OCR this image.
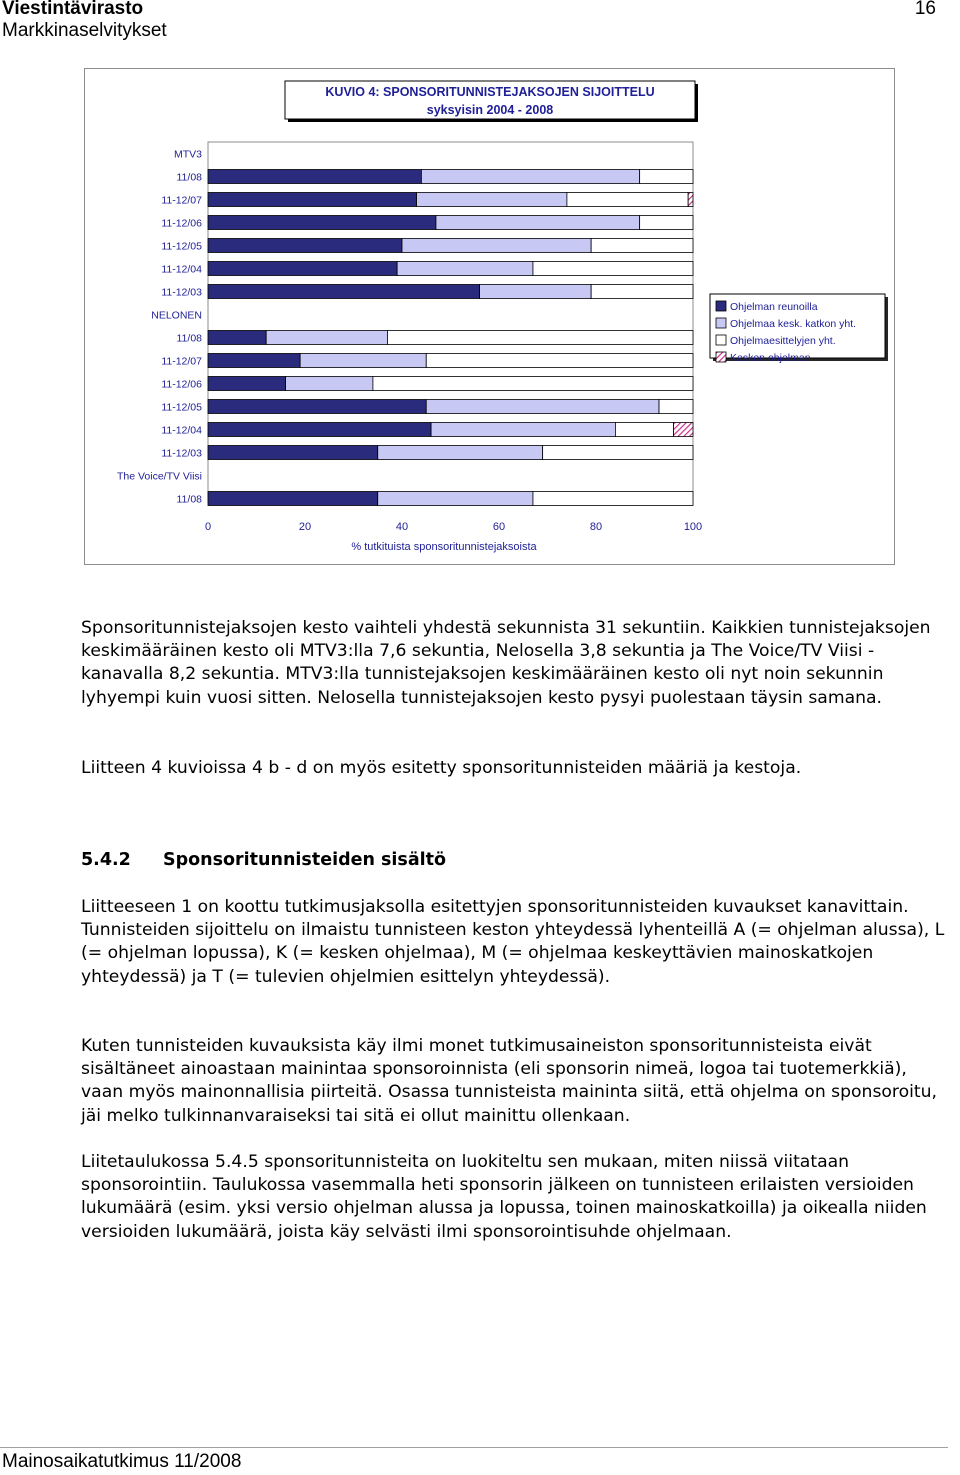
Viestintävirasto
Markkinaselvitykset
16
KUVIO 4: SPONSORITUNNISTEJAKSOJEN SIJOITTELU
syksyisin 2004 - 2008
MTV3
11/08
11-12/07
11-12/06
11-12/05
11-12/04
11-12/03
NELONEN
11/08
11-12/07
11-12/06
11-12/05
11-12/04
11-12/03
The Voice/TV Viisi
11/08
0	20	40	60	80	100
% tutkituista sponsoritunnistejaksoista
Ohjelman reunoilla
Ohjelmaa kesk. katkon yht.
Ohjelmaesittelyjen yht.
Kesken ohjelman
Sponsoritunnistejaksojen kesto vaihteli yhdestä sekunnista 31 sekuntiin. Kaikkien tunnistejaksojen keskimääräinen kesto oli MTV3:lla 7,6 sekuntia, Nelosella 3,8 sekuntia ja The Voice/TV Viisi -kanavalla 8,2 sekuntia. MTV3:lla tunnistejaksojen keskimääräinen kesto oli nyt noin sekunnin lyhyempi kuin vuosi sitten. Nelosella tunnistejaksojen kesto pysyi puolestaan täysin samana.
Liitteen 4 kuvioissa 4 b - d on myös esitetty sponsoritunnisteiden määriä ja kestoja.
5.4.2 Sponsoritunnisteiden sisältö
Liitteeseen 1 on koottu tutkimusjaksolla esitettyjen sponsoritunnisteiden kuvaukset kanavittain. Tunnisteiden sijoittelu on ilmaistu tunnisteen keston yhteydessä lyhenteillä A (= ohjelman alussa), L (= ohjelman lopussa), K (= kesken ohjelmaa), M (= ohjelmaa keskeyttävien mainoskatkojen yhteydessä) ja T (= tulevien ohjelmien esittelyn yhteydessä).
Kuten tunnisteiden kuvauksista käy ilmi monet tutkimusaineiston sponsoritunnisteista eivät sisältäneet ainoastaan mainintaa sponsoroinnista (eli sponsorin nimeä, logoa tai tuotemerkkiä), vaan myös mainonnallisia piirteitä. Osassa tunnisteista maininta siitä, että ohjelma on sponsoroitu, jäi melko tulkinnanvaraiseksi tai sitä ei ollut mainittu ollenkaan.
Liitetaulukossa 5.4.5 sponsoritunnisteita on luokiteltu sen mukaan, miten niissä viitataan sponsorointiin. Taulukossa vasemmalla heti sponsorin jälkeen on tunnisteen erilaisten versioiden lukumäärä (esim. yksi versio ohjelman alussa ja lopussa, toinen mainoskatkoilla) ja oikealla niiden versioiden lukumäärä, joista käy selvästi ilmi sponsorointisuhde ohjelmaan.
Mainosaikatutkimus 11/2008
